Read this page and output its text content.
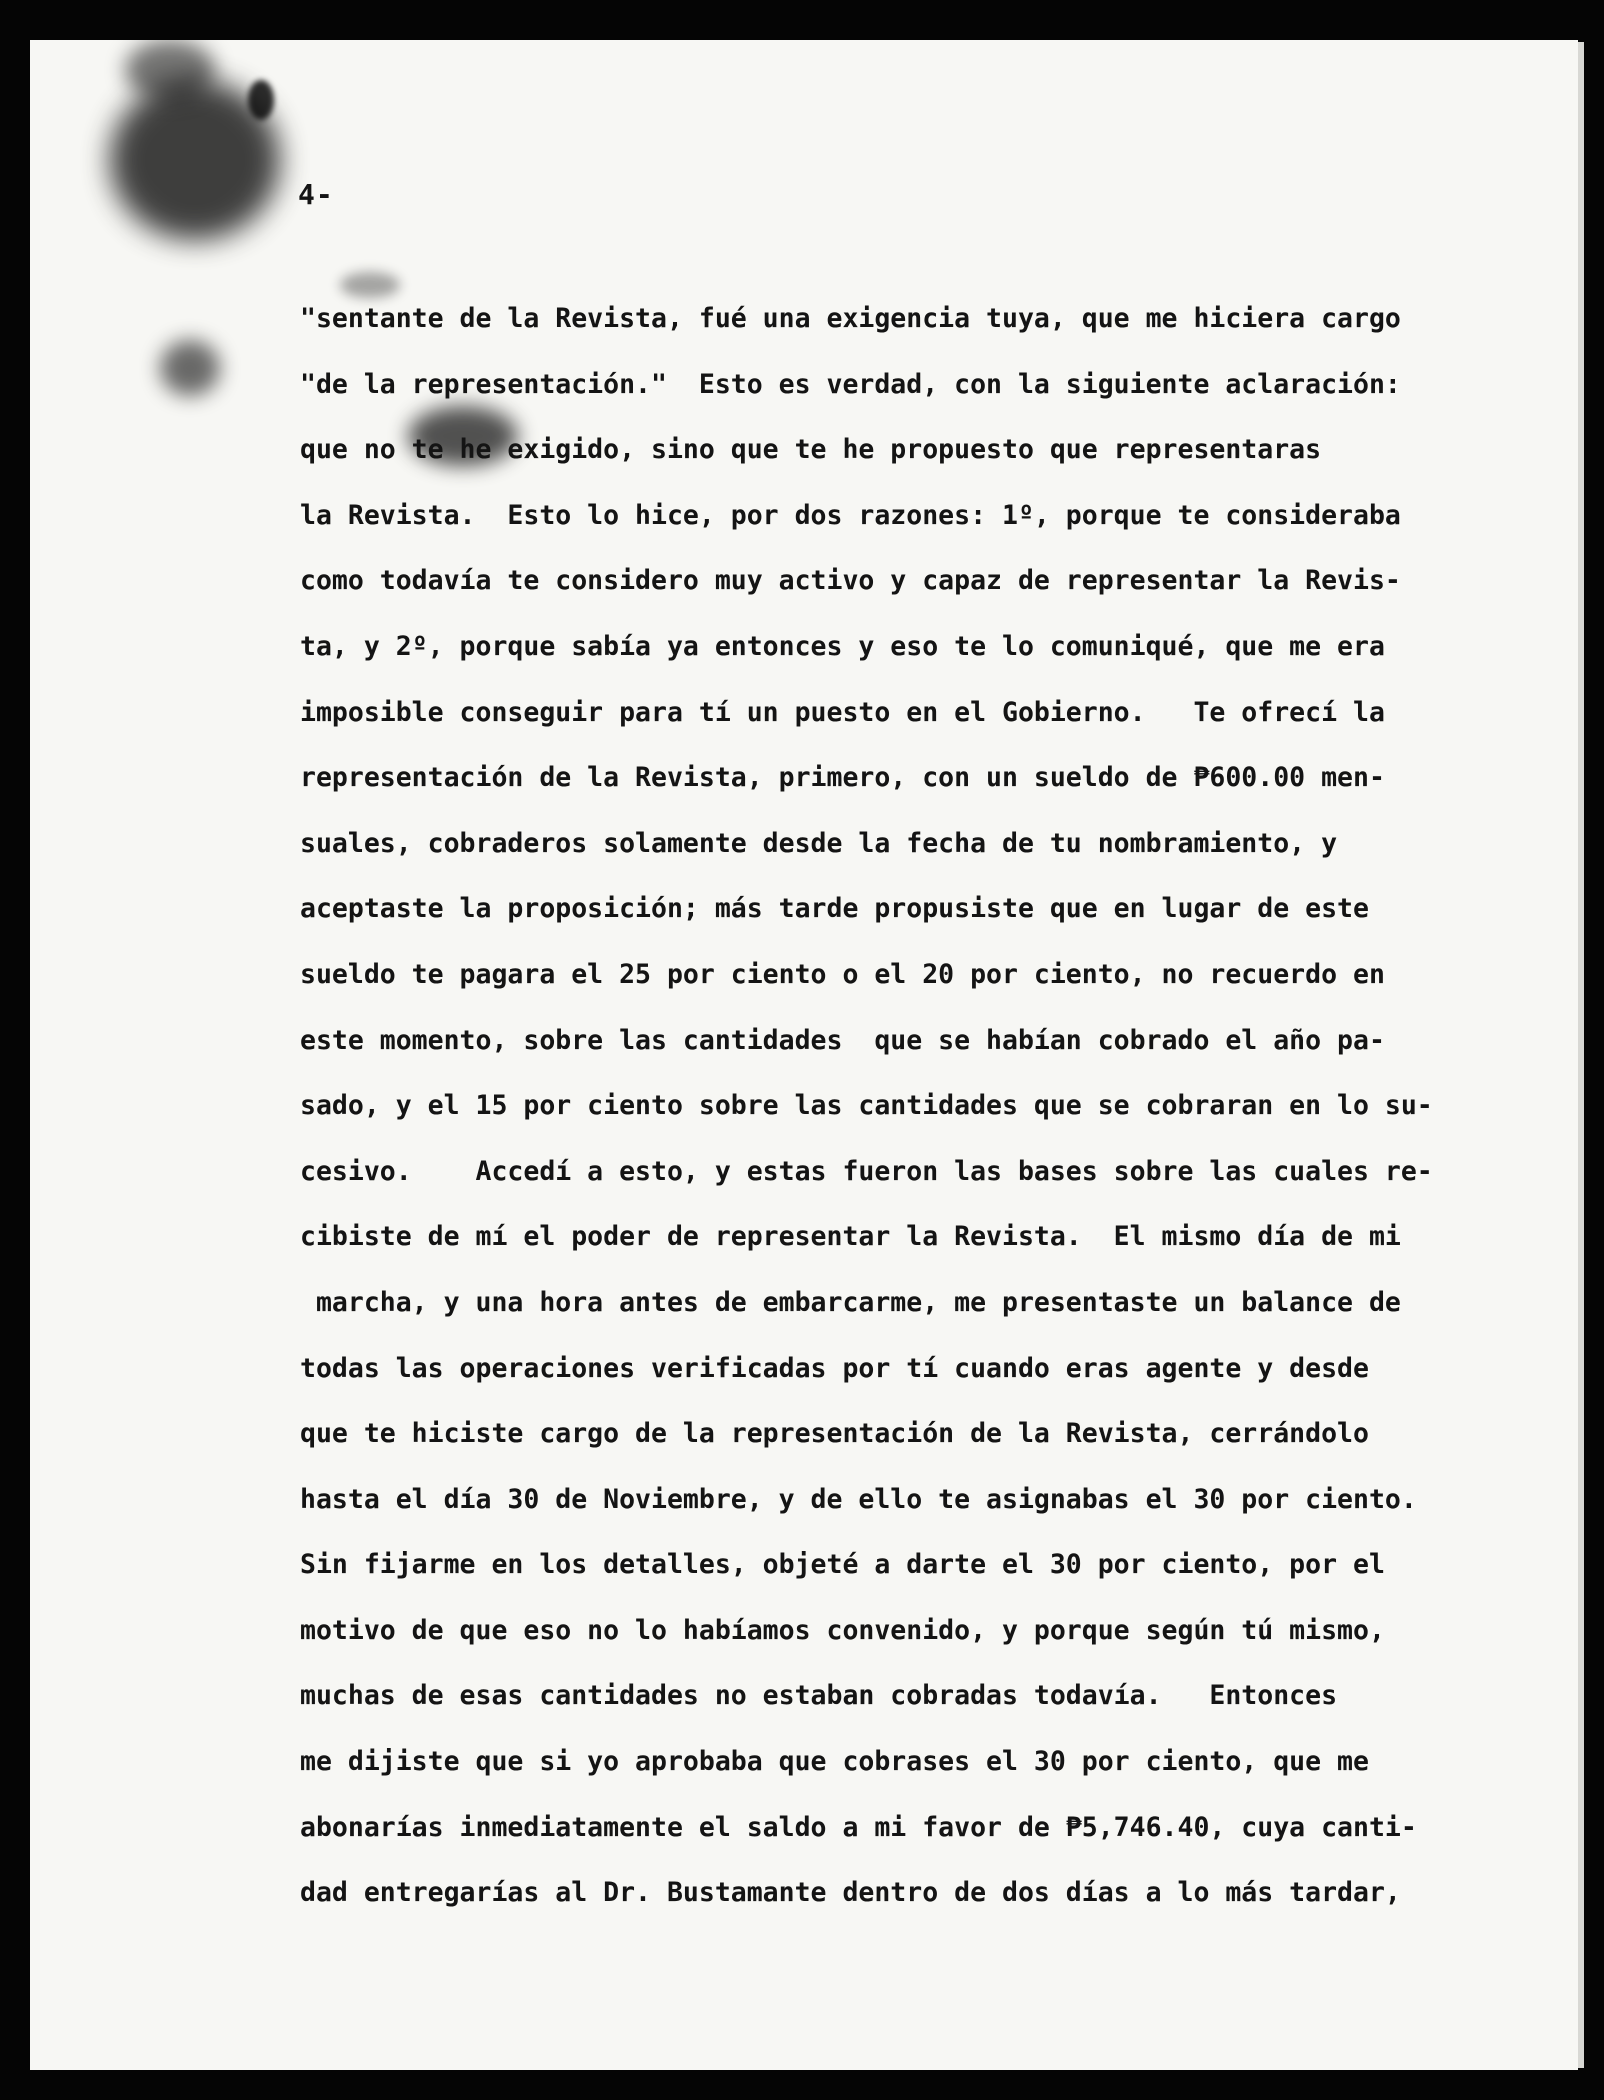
4-
"sentante de la Revista, fué una exigencia tuya, que me hiciera cargo
"de la representación."  Esto es verdad, con la siguiente aclaración:
que no te he exigido, sino que te he propuesto que representaras
la Revista.  Esto lo hice, por dos razones: 1º, porque te consideraba
como todavía te considero muy activo y capaz de representar la Revis-
ta, y 2º, porque sabía ya entonces y eso te lo comuniqué, que me era
imposible conseguir para tí un puesto en el Gobierno.   Te ofrecí la
representación de la Revista, primero, con un sueldo de ₱600.00 men-
suales, cobraderos solamente desde la fecha de tu nombramiento, y
aceptaste la proposición; más tarde propusiste que en lugar de este
sueldo te pagara el 25 por ciento o el 20 por ciento, no recuerdo en
este momento, sobre las cantidades  que se habían cobrado el año pa-
sado, y el 15 por ciento sobre las cantidades que se cobraran en lo su-
cesivo.    Accedí a esto, y estas fueron las bases sobre las cuales re-
cibiste de mí el poder de representar la Revista.  El mismo día de mi
marcha, y una hora antes de embarcarme, me presentaste un balance de
todas las operaciones verificadas por tí cuando eras agente y desde
que te hiciste cargo de la representación de la Revista, cerrándolo
hasta el día 30 de Noviembre, y de ello te asignabas el 30 por ciento.
Sin fijarme en los detalles, objeté a darte el 30 por ciento, por el
motivo de que eso no lo habíamos convenido, y porque según tú mismo,
muchas de esas cantidades no estaban cobradas todavía.   Entonces
me dijiste que si yo aprobaba que cobrases el 30 por ciento, que me
abonarías inmediatamente el saldo a mi favor de ₱5,746.40, cuya canti-
dad entregarías al Dr. Bustamante dentro de dos días a lo más tardar,
